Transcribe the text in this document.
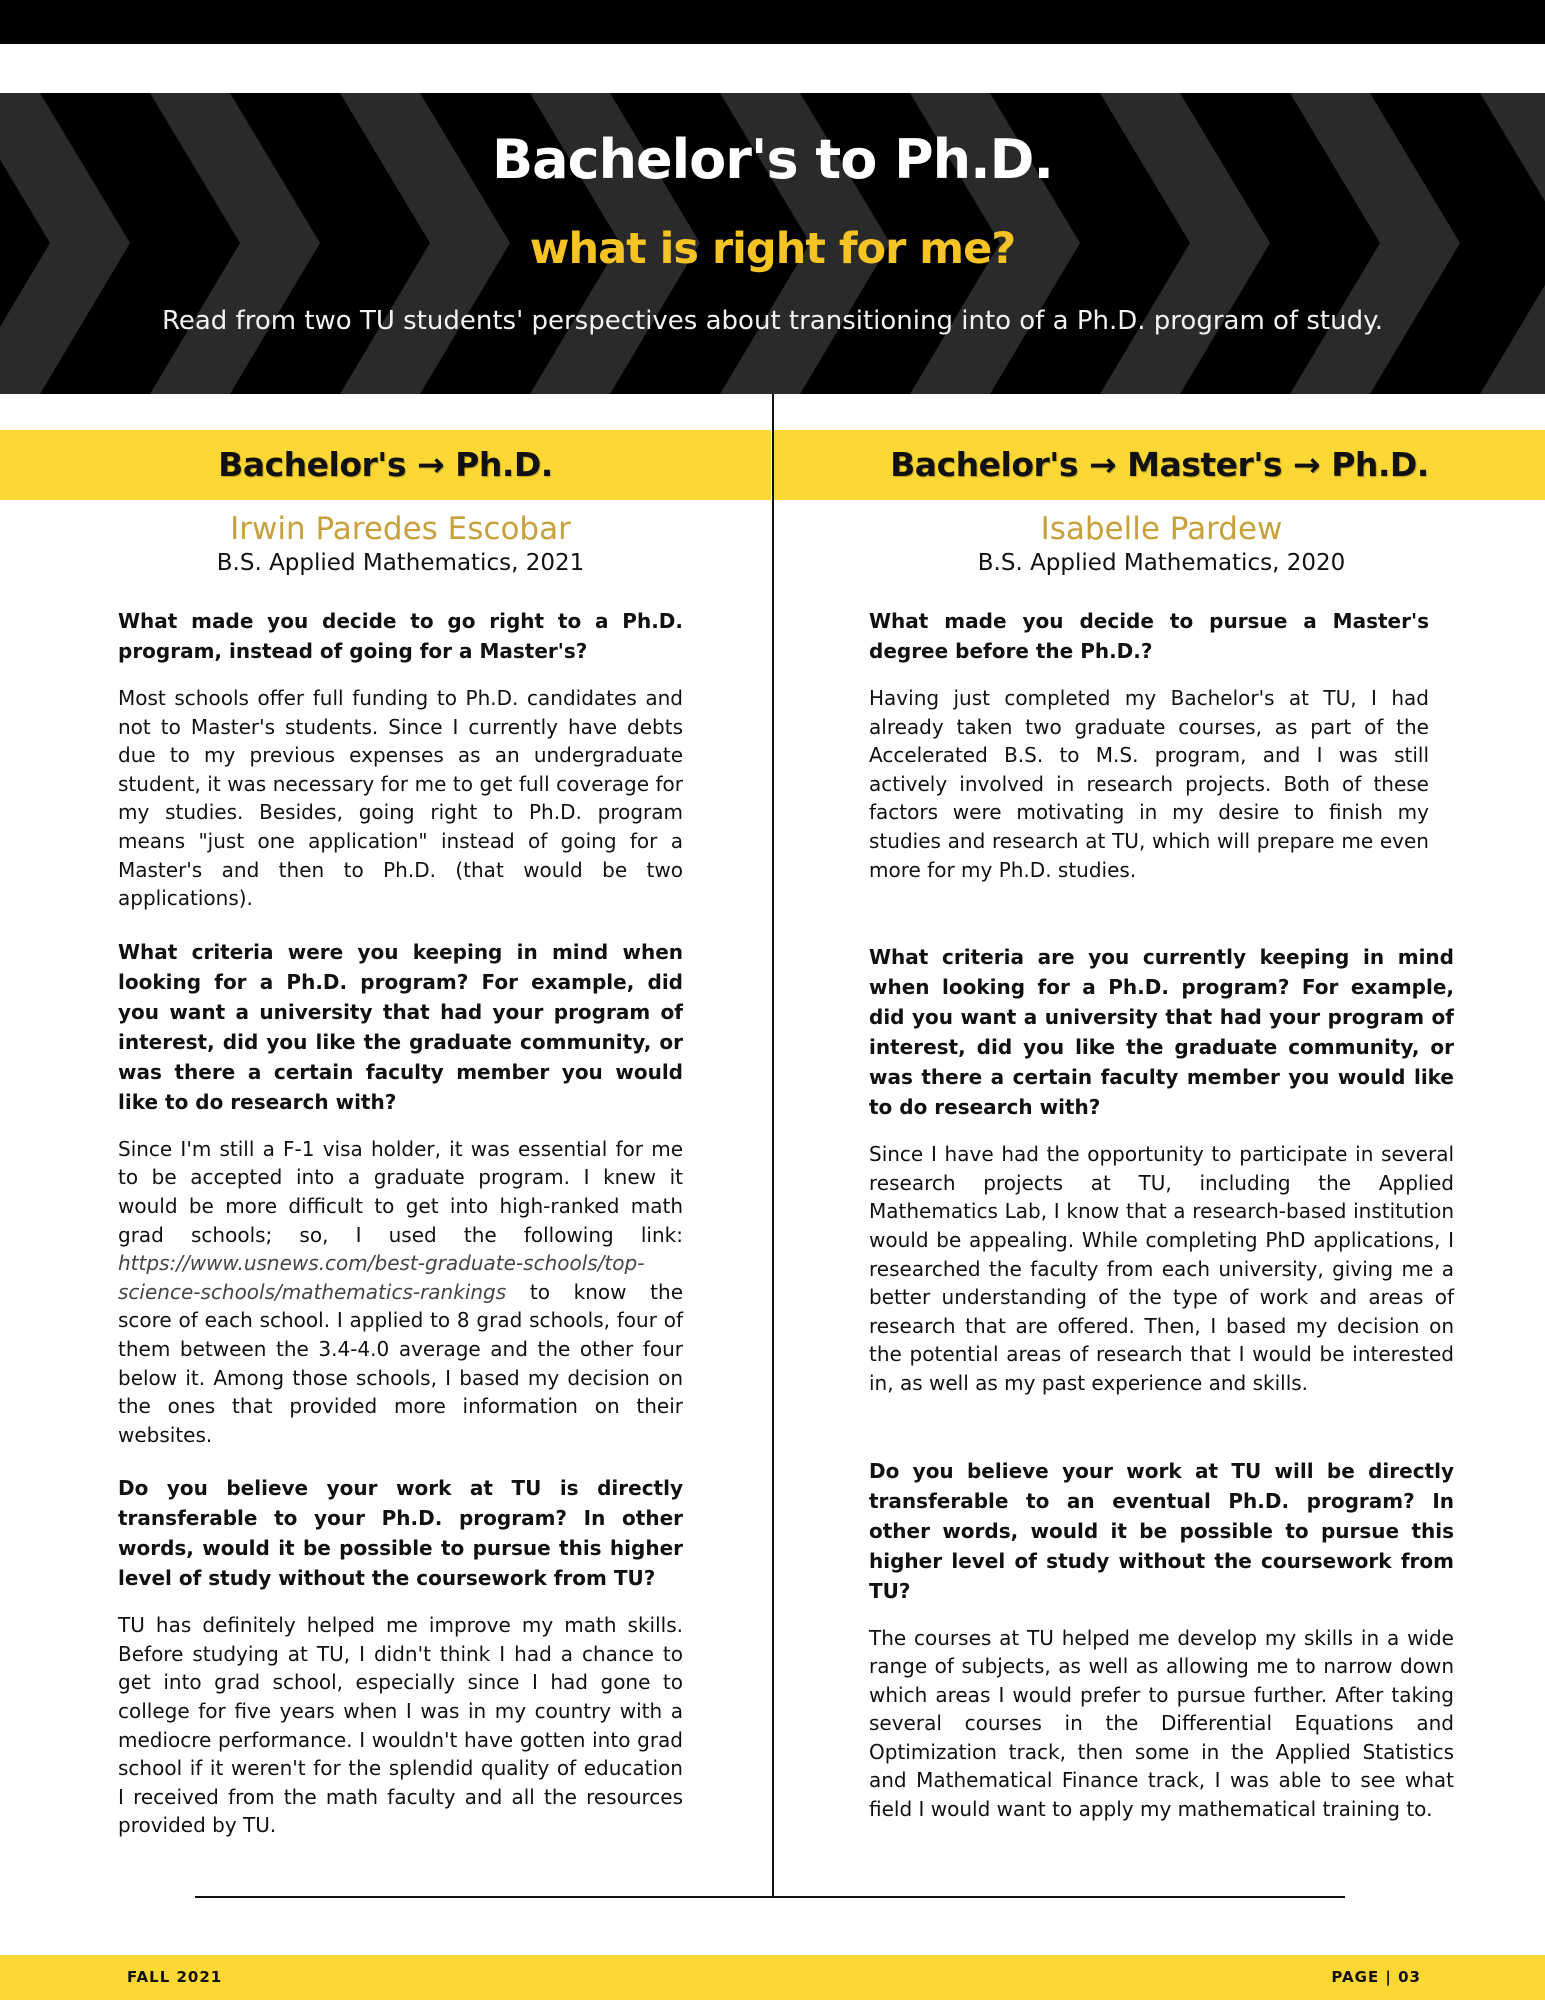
Bachelor's to Ph.D.
what is right for me?
Read from two TU students' perspectives about transitioning into of a Ph.D. program of study.
Bachelor's → Ph.D.	Bachelor's → Master's → Ph.D.

Irwin Paredes Escobar

B.S. Applied Mathematics, 2021

What made you decide to go right to a Ph.D. program, instead of going for a Master's?

Most schools offer full funding to Ph.D. candidates and not to Master's students. Since I currently have debts due to my previous expenses as an undergraduate student, it was necessary for me to get full coverage for my studies. Besides, going right to Ph.D. program means "just one application" instead of going for a Master's and then to Ph.D. (that would be two applications).

What criteria were you keeping in mind when looking for a Ph.D. program? For example, did you want a university that had your program of interest, did you like the graduate community, or was there a certain faculty member you would like to do research with?

Since I'm still a F-1 visa holder, it was essential for me to be accepted into a graduate program. I knew it would be more difficult to get into high-ranked math grad schools; so, I used the following link: https://www.usnews.com/best-graduate-schools/top-science-schools/mathematics-rankings to know the score of each school. I applied to 8 grad schools, four of them between the 3.4-4.0 average and the other four below it. Among those schools, I based my decision on the ones that provided more information on their websites.

Do you believe your work at TU is directly transferable to your Ph.D. program? In other words, would it be possible to pursue this higher level of study without the coursework from TU?

TU has definitely helped me improve my math skills. Before studying at TU, I didn't think I had a chance to get into grad school, especially since I had gone to college for five years when I was in my country with a mediocre performance. I wouldn't have gotten into grad school if it weren't for the splendid quality of education I received from the math faculty and all the resources provided by TU.

Isabelle Pardew

B.S. Applied Mathematics, 2020

What made you decide to pursue a Master's degree before the Ph.D.?

Having just completed my Bachelor's at TU, I had already taken two graduate courses, as part of the Accelerated B.S. to M.S. program, and I was still actively involved in research projects. Both of these factors were motivating in my desire to finish my studies and research at TU, which will prepare me even more for my Ph.D. studies.

What criteria are you currently keeping in mind when looking for a Ph.D. program? For example, did you want a university that had your program of interest, did you like the graduate community, or was there a certain faculty member you would like to do research with?

Since I have had the opportunity to participate in several research projects at TU, including the Applied Mathematics Lab, I know that a research-based institution would be appealing. While completing PhD applications, I researched the faculty from each university, giving me a better understanding of the type of work and areas of research that are offered. Then, I based my decision on the potential areas of research that I would be interested in, as well as my past experience and skills.

Do you believe your work at TU will be directly transferable to an eventual Ph.D. program? In other words, would it be possible to pursue this higher level of study without the coursework from TU?

The courses at TU helped me develop my skills in a wide range of subjects, as well as allowing me to narrow down which areas I would prefer to pursue further. After taking several courses in the Differential Equations and Optimization track, then some in the Applied Statistics and Mathematical Finance track, I was able to see what field I would want to apply my mathematical training to.

FALL 2021	PAGE | 03
